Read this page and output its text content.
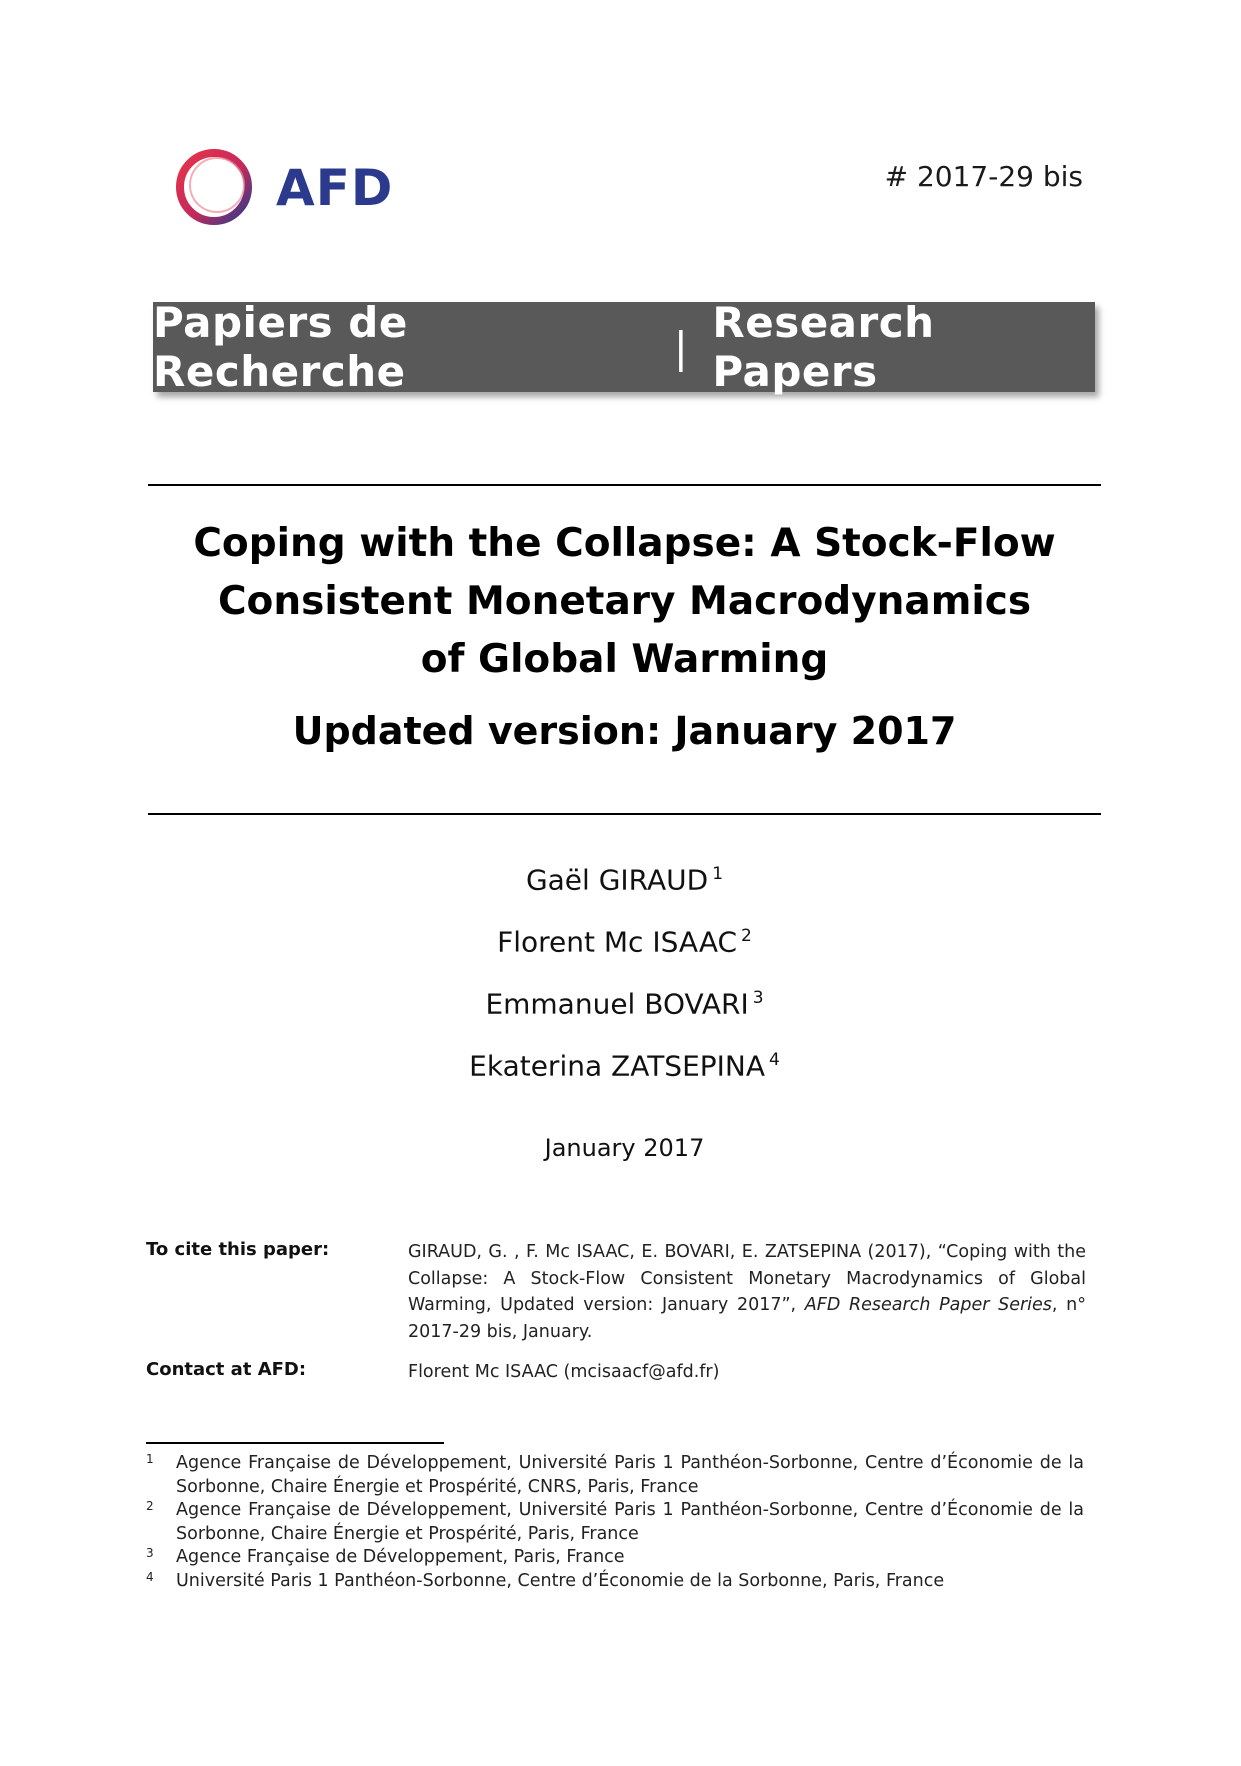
AFD	# 2017-29 bis
Papiers de Recherche	| Research Papers
Coping with the Collapse: A Stock-Flow
Consistent Monetary Macrodynamics
of Global Warming
Updated version: January 2017
Gaël GIRAUD $^1$
Florent Mc ISAAC $^2$
Emmanuel BOVARI $^3$
Ekaterina ZATSEPINA $^4$
January 2017
To cite this paper:	GIRAUD, G. , F. Mc ISAAC, E. BOVARI, E. ZATSEPINA (2017), “Coping with the Collapse: A Stock-Flow Consistent Monetary Macrodynamics of Global Warming, Updated version: January 2017”, AFD Research Paper Series, n° 2017-29 bis, January.
Contact at AFD:	Florent Mc ISAAC (mcisaacf@afd.fr)
1 Agence Française de Développement, Université Paris 1 Panthéon-Sorbonne, Centre d’Économie de la Sorbonne, Chaire Énergie et Prospérité, CNRS, Paris, France
2 Agence Française de Développement, Université Paris 1 Panthéon-Sorbonne, Centre d’Économie de la Sorbonne, Chaire Énergie et Prospérité, Paris, France
3 Agence Française de Développement, Paris, France
4 Université Paris 1 Panthéon-Sorbonne, Centre d’Économie de la Sorbonne, Paris, France
